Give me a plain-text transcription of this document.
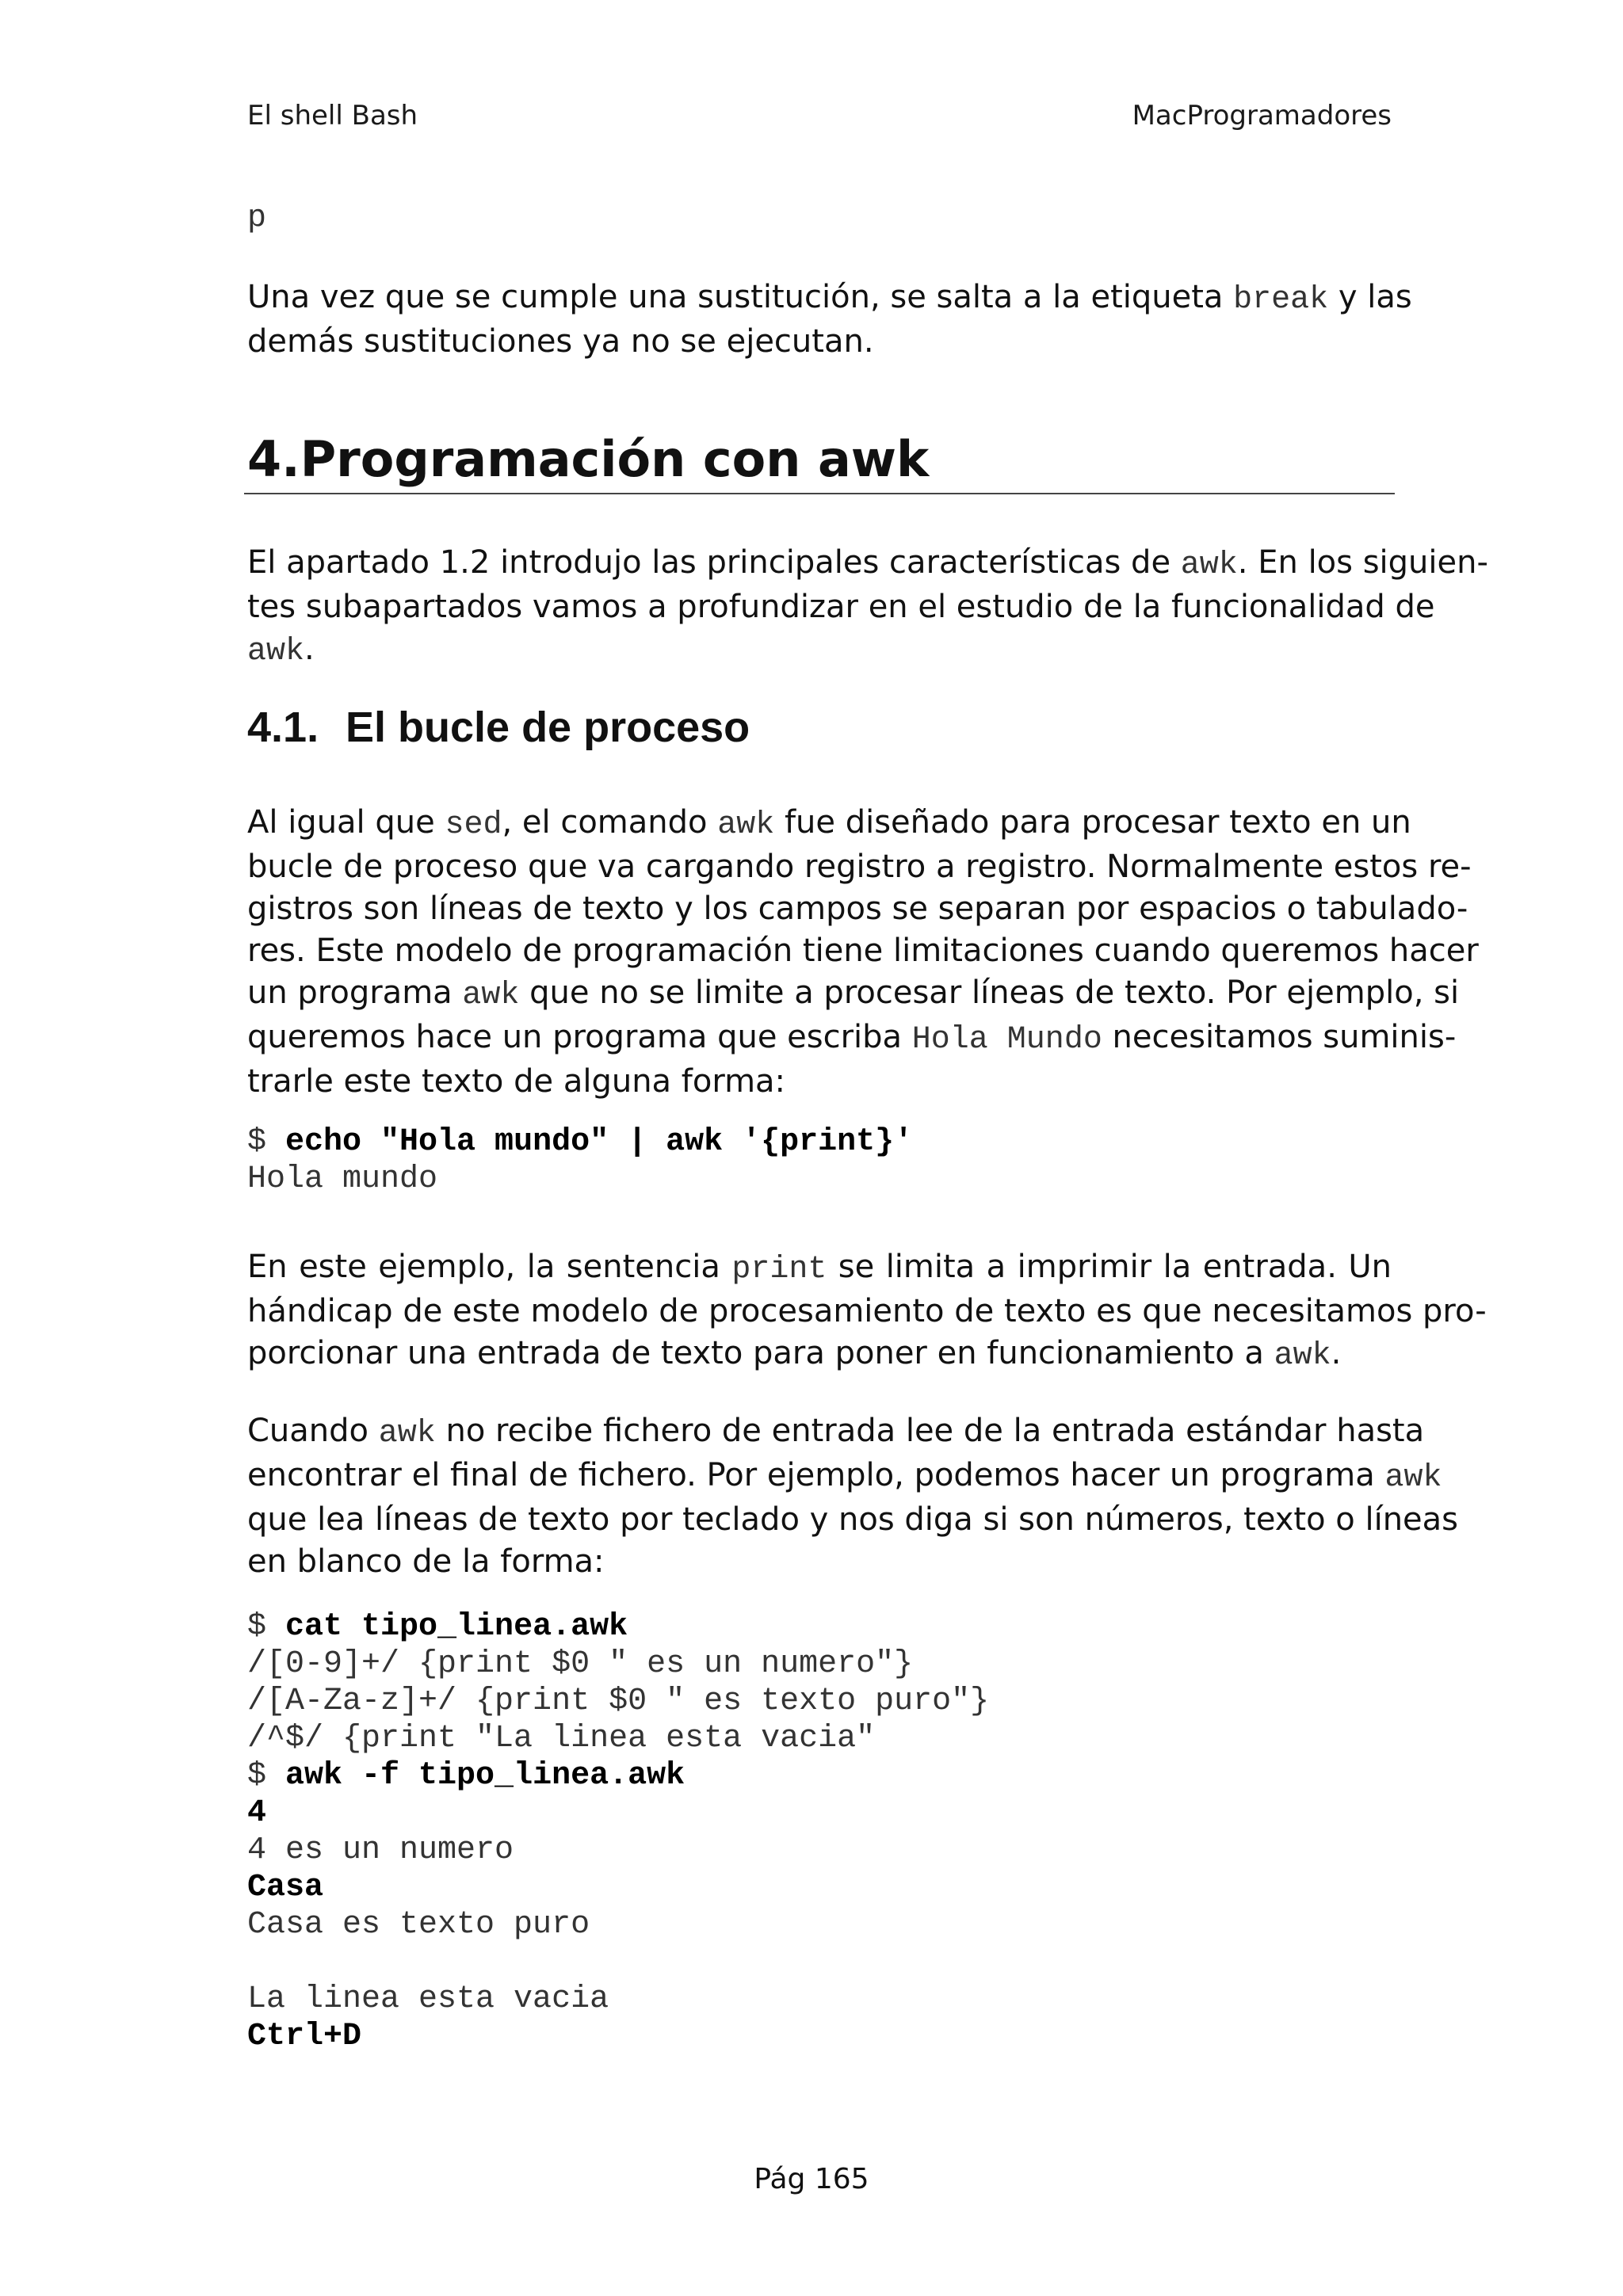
El shell Bash	MacProgramadores
p
Una vez que se cumple una sustitución, se salta a la etiqueta break y las
demás sustituciones ya no se ejecutan.
4.Programación con awk
El apartado 1.2 introdujo las principales características de awk. En los siguien-
tes subapartados vamos a profundizar en el estudio de la funcionalidad de
awk.
4.1. El bucle de proceso
Al igual que sed, el comando awk fue diseñado para procesar texto en un
bucle de proceso que va cargando registro a registro. Normalmente estos re-
gistros son líneas de texto y los campos se separan por espacios o tabulado-
res. Este modelo de programación tiene limitaciones cuando queremos hacer
un programa awk que no se limite a procesar líneas de texto. Por ejemplo, si
queremos hace un programa que escriba Hola Mundo necesitamos suminis-
trarle este texto de alguna forma:
$ echo "Hola mundo" | awk '{print}'
Hola mundo
En este ejemplo, la sentencia print se limita a imprimir la entrada. Un
hándicap de este modelo de procesamiento de texto es que necesitamos pro-
porcionar una entrada de texto para poner en funcionamiento a awk.
Cuando awk no recibe fichero de entrada lee de la entrada estándar hasta
encontrar el final de fichero. Por ejemplo, podemos hacer un programa awk
que lea líneas de texto por teclado y nos diga si son números, texto o líneas
en blanco de la forma:
$ cat tipo_linea.awk
/[0-9]+/ {print $0 " es un numero"}
/[A-Za-z]+/ {print $0 " es texto puro"}
/^$/ {print "La linea esta vacia"
$ awk -f tipo_linea.awk
4
4 es un numero
Casa
Casa es texto puro

La linea esta vacia
Ctrl+D
Pág 165
